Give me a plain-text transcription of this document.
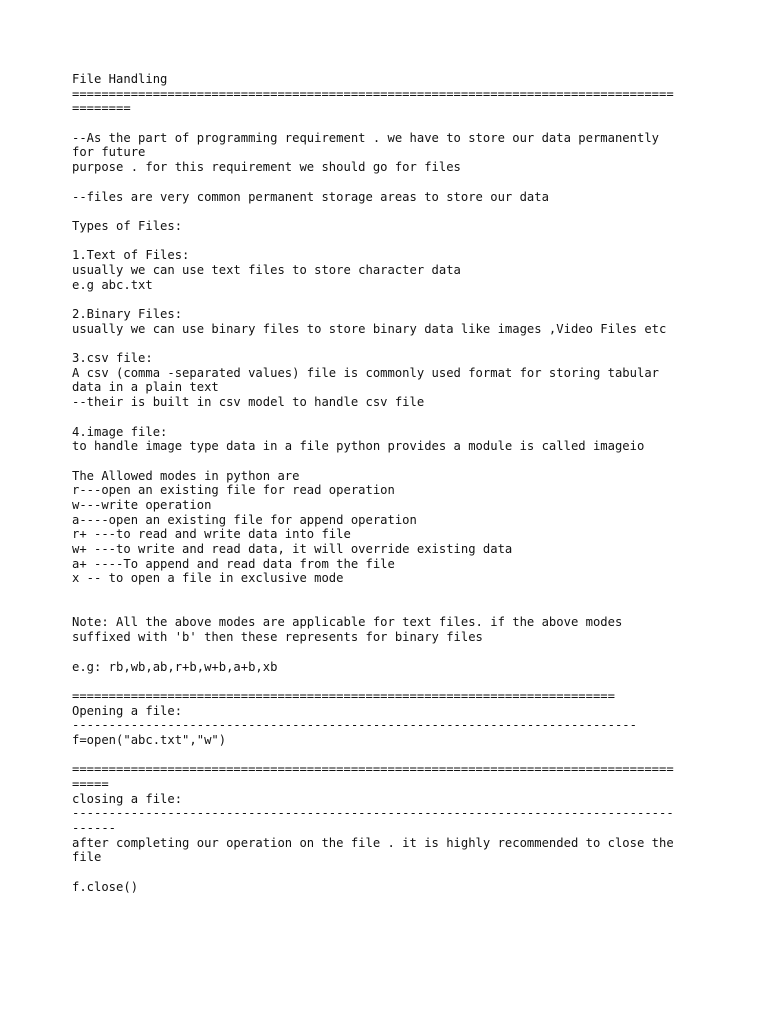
File Handling
==================================================================================
========
--As the part of programming requirement . we have to store our data permanently
for future
purpose . for this requirement we should go for files
--files are very common permanent storage areas to store our data
Types of Files:
1.Text of Files:
usually we can use text files to store character data
e.g abc.txt
2.Binary Files:
usually we can use binary files to store binary data like images ,Video Files etc
3.csv file:
A csv (comma -separated values) file is commonly used format for storing tabular
data in a plain text
--their is built in csv model to handle csv file
4.image file:
to handle image type data in a file python provides a module is called imageio
The Allowed modes in python are
r---open an existing file for read operation
w---write operation
a----open an existing file for append operation
r+ ---to read and write data into file
w+ ---to write and read data, it will override existing data
a+ ----To append and read data from the file
x -- to open a file in exclusive mode
Note: All the above modes are applicable for text files. if the above modes
suffixed with 'b' then these represents for binary files
e.g: rb,wb,ab,r+b,w+b,a+b,xb
==========================================================================
Opening a file:
-----------------------------------------------------------------------------
f=open("abc.txt","w")
==================================================================================
=====
closing a file:
----------------------------------------------------------------------------------
------
after completing our operation on the file . it is highly recommended to close the
file
f.close()
